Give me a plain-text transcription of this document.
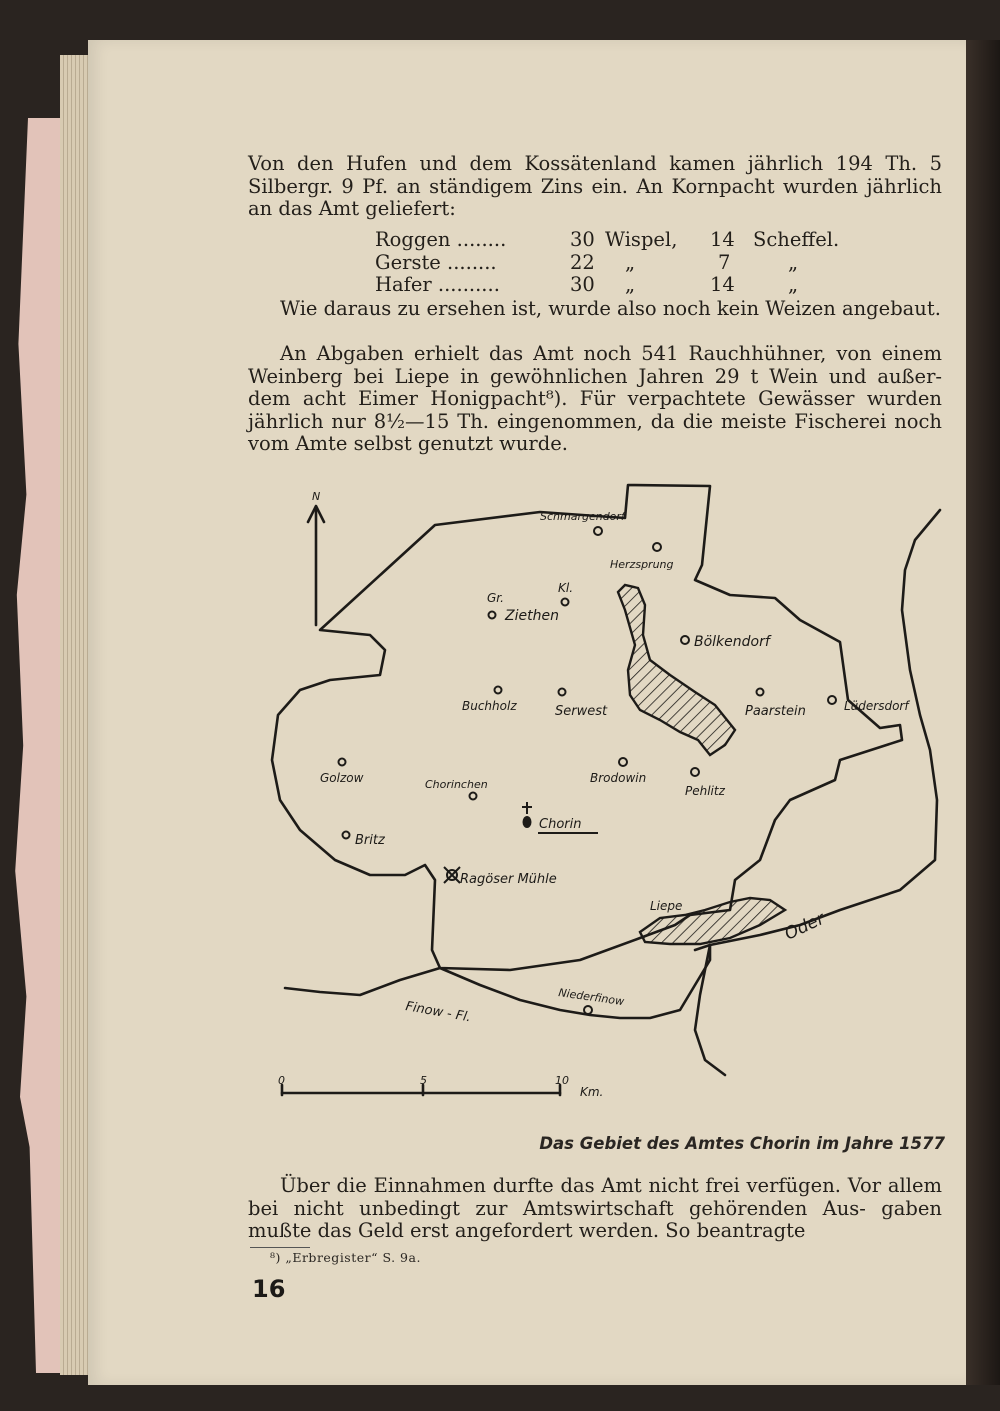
Von den Hufen und dem Kossätenland kamen jährlich 194 Th. 5 Silbergr. 9 Pf. an ständigem Zins ein. An Kornpacht wurden jährlich an das Amt geliefert:

Roggen ........	30	Wispel,	14	Scheffel.
Gerste ........	22	„	7	„
Hafer ..........	30	„	14	„

Wie daraus zu ersehen ist, wurde also noch kein Weizen angebaut.

An Abgaben erhielt das Amt noch 541 Rauchhühner, von einem Weinberg bei Liepe in gewöhnlichen Jahren 29 t Wein und außer- dem acht Eimer Honigpacht⁸). Für verpachtete Gewässer wurden jährlich nur 8½—15 Th. eingenommen, da die meiste Fischerei noch vom Amte selbst genutzt wurde.

N
Schmargendorf
Herzsprung
Gr.
Kl.
Ziethen
Bölkendorf
Buchholz	Serwest	Paarstein	Lüdersdorf
Golzow	Chorinchen	Brodowin
Pehlitz
Chorin
Britz
Ragöser Mühle
Liepe
Oder
Niederfinow
Finow - Fl.
0	5	10
Km.
Das Gebiet des Amtes Chorin im Jahre 1577

Über die Einnahmen durfte das Amt nicht frei verfügen. Vor allem bei nicht unbedingt zur Amtswirtschaft gehörenden Aus- gaben mußte das Geld erst angefordert werden. So beantragte

⁸) „Erbregister“ S. 9a.
16
